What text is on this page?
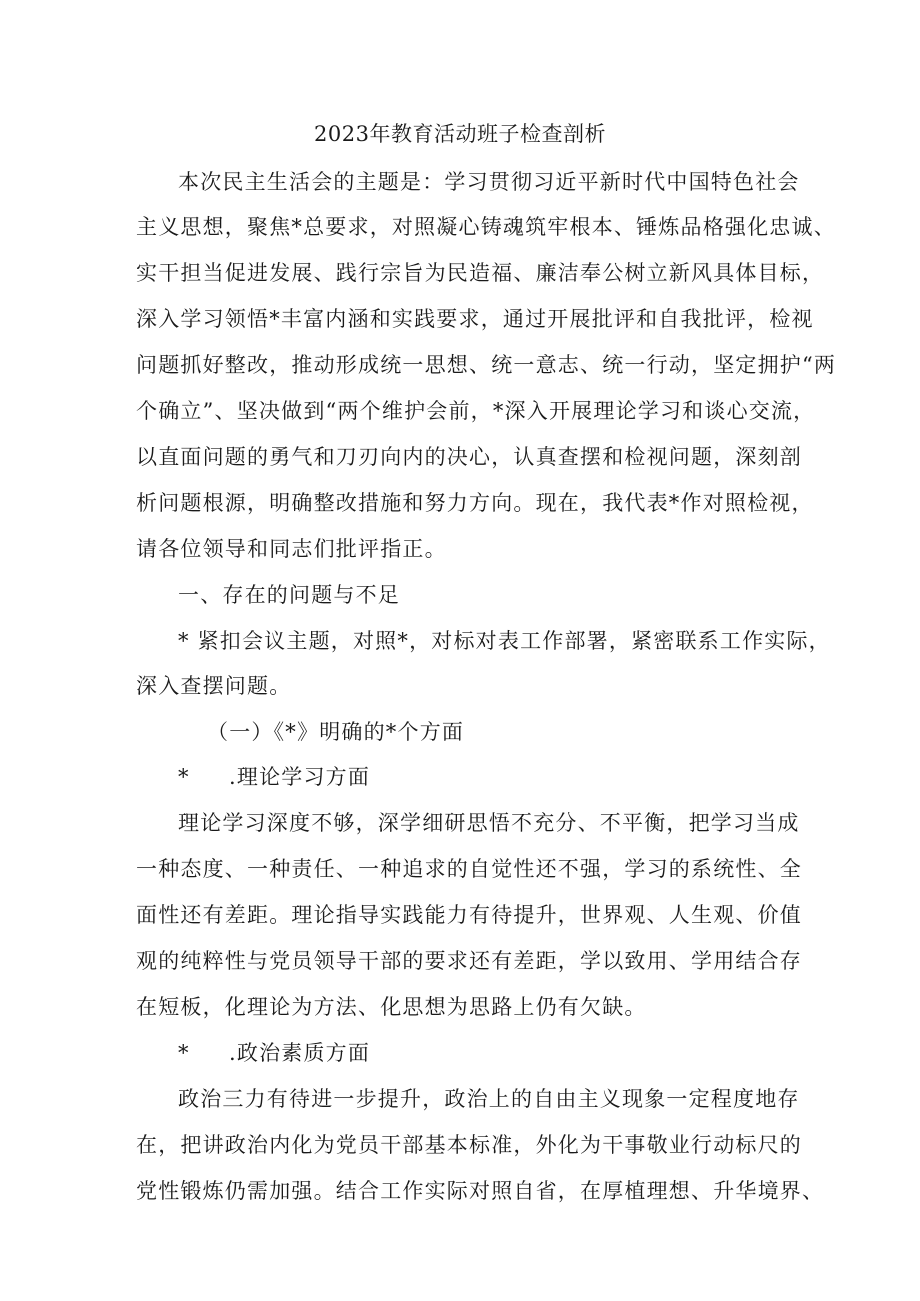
2023年教育活动班子检查剖析
本次民主生活会的主题是：学习贯彻习近平新时代中国特色社会
主义思想，聚焦*总要求，对照凝心铸魂筑牢根本、锤炼品格强化忠诚、
实干担当促进发展、践行宗旨为民造福、廉洁奉公树立新风具体目标，
深入学习领悟*丰富内涵和实践要求，通过开展批评和自我批评，检视
问题抓好整改，推动形成统一思想、统一意志、统一行动，坚定拥护“两
个确立”、坚决做到“两个维护会前，*深入开展理论学习和谈心交流，
以直面问题的勇气和刀刃向内的决心，认真查摆和检视问题，深刻剖
析问题根源，明确整改措施和努力方向。现在，我代表*作对照检视，
请各位领导和同志们批评指正。
一、存在的问题与不足
* 紧扣会议主题，对照*，对标对表工作部署，紧密联系工作实际，
深入查摆问题。
（一）《*》明确的*个方面
* .理论学习方面
理论学习深度不够，深学细研思悟不充分、不平衡，把学习当成
一种态度、一种责任、一种追求的自觉性还不强，学习的系统性、全
面性还有差距。理论指导实践能力有待提升，世界观、人生观、价值
观的纯粹性与党员领导干部的要求还有差距，学以致用、学用结合存
在短板，化理论为方法、化思想为思路上仍有欠缺。
* .政治素质方面
政治三力有待进一步提升，政治上的自由主义现象一定程度地存
在，把讲政治内化为党员干部基本标准，外化为干事敬业行动标尺的
党性锻炼仍需加强。结合工作实际对照自省，在厚植理想、升华境界、
